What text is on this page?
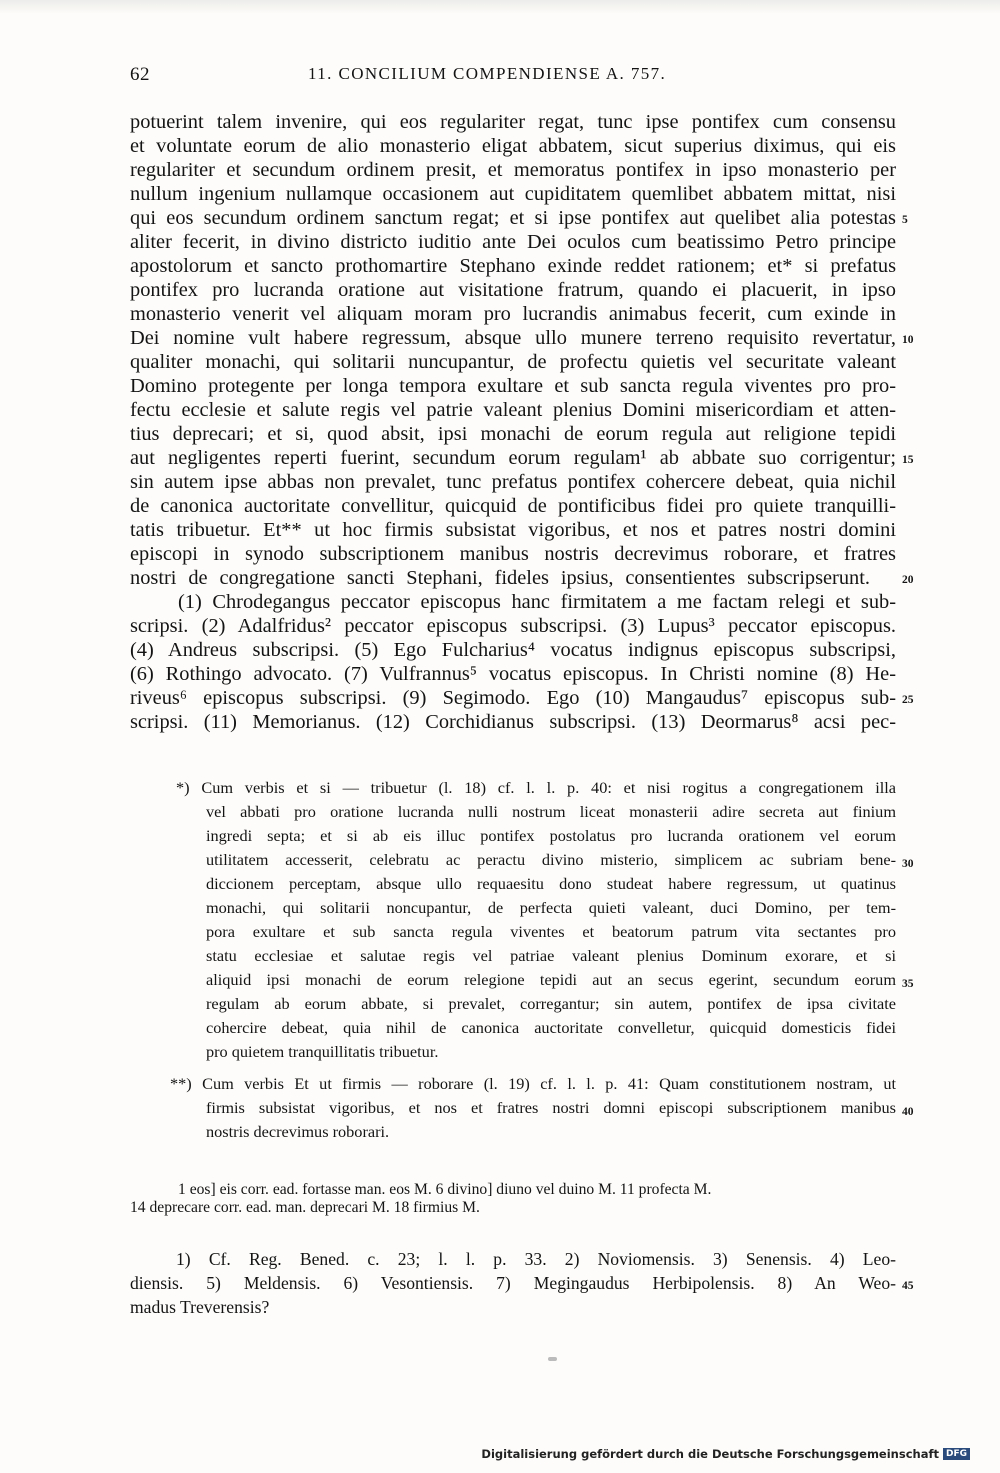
62	11. CONCILIUM COMPENDIENSE A. 757.
potuerint talem invenire, qui eos regulariter regat, tunc ipse pontifex cum consensu
et voluntate eorum de alio monasterio eligat abbatem, sicut superius diximus, qui eis
regulariter et secundum ordinem presit, et memoratus pontifex in ipso monasterio per
nullum ingenium nullamque occasionem aut cupiditatem quemlibet abbatem mittat, nisi
qui eos secundum ordinem sanctum regat; et si ipse pontifex aut quelibet alia potestas
aliter fecerit, in divino districto iuditio ante Dei oculos cum beatissimo Petro principe
apostolorum et sancto prothomartire Stephano exinde reddet rationem; et* si prefatus
pontifex pro lucranda oratione aut visitatione fratrum, quando ei placuerit, in ipso
monasterio venerit vel aliquam moram pro lucrandis animabus fecerit, cum exinde in
Dei nomine vult habere regressum, absque ullo munere terreno requisito revertatur,
qualiter monachi, qui solitarii nuncupantur, de profectu quietis vel securitate valeant
Domino protegente per longa tempora exultare et sub sancta regula viventes pro pro-
fectu ecclesie et salute regis vel patrie valeant plenius Domini misericordiam et atten-
tius deprecari; et si, quod absit, ipsi monachi de eorum regula aut religione tepidi
aut negligentes reperti fuerint, secundum eorum regulam¹ ab abbate suo corrigentur;
sin autem ipse abbas non prevalet, tunc prefatus pontifex cohercere debeat, quia nichil
de canonica auctoritate convellitur, quicquid de pontificibus fidei pro quiete tranquilli-
tatis tribuetur. Et** ut hoc firmis subsistat vigoribus, et nos et patres nostri domini
episcopi in synodo subscriptionem manibus nostris decrevimus roborare, et fratres
nostri de congregatione sancti Stephani, fideles ipsius, consentientes subscripserunt.
(1) Chrodegangus peccator episcopus hanc firmitatem a me factam relegi et sub-
scripsi. (2) Adalfridus² peccator episcopus subscripsi. (3) Lupus³ peccator episcopus.
(4) Andreus subscripsi. (5) Ego Fulcharius⁴ vocatus indignus episcopus subscripsi,
(6) Rothingo advocato. (7) Vulfrannus⁵ vocatus episcopus. In Christi nomine (8) He-
riveus⁶ episcopus subscripsi. (9) Segimodo. Ego (10) Mangaudus⁷ episcopus sub-
scripsi. (11) Memorianus. (12) Corchidianus subscripsi. (13) Deormarus⁸ acsi pec-
5
10
15
20
25
*) Cum verbis et si — tribuetur (l. 18) cf. l. l. p. 40: et nisi rogitus a congregationem illa
vel abbati pro oratione lucranda nulli nostrum liceat monasterii adire secreta aut finium
ingredi septa; et si ab eis illuc pontifex postolatus pro lucranda orationem vel eorum
utilitatem accesserit, celebratu ac peractu divino misterio, simplicem ac subriam bene-
diccionem perceptam, absque ullo requaesitu dono studeat habere regressum, ut quatinus
monachi, qui solitarii noncupantur, de perfecta quieti valeant, duci Domino, per tem-
pora exultare et sub sancta regula viventes et beatorum patrum vita sectantes pro
statu ecclesiae et salutae regis vel patriae valeant plenius Dominum exorare, et si
aliquid ipsi monachi de eorum relegione tepidi aut an secus egerint, secundum eorum
regulam ab eorum abbate, si prevalet, corregantur; sin autem, pontifex de ipsa civitate
cohercire debeat, quia nihil de canonica auctoritate convelletur, quicquid domesticis fidei
pro quietem tranquillitatis tribuetur.
**) Cum verbis Et ut firmis — roborare (l. 19) cf. l. l. p. 41: Quam constitutionem nostram, ut
firmis subsistat vigoribus, et nos et fratres nostri domni episcopi subscriptionem manibus
nostris decrevimus roborari.
30
35
40
1 eos] eis corr. ead. fortasse man. eos M. 6 divino] diuno vel duino M. 11 profecta M.
14 deprecare corr. ead. man. deprecari M. 18 firmius M.
1) Cf. Reg. Bened. c. 23; l. l. p. 33. 2) Noviomensis. 3) Senensis. 4) Leo-
diensis. 5) Meldensis. 6) Vesontiensis. 7) Megingaudus Herbipolensis. 8) An Weo-
madus Treverensis?
45
Digitalisierung gefördert durch die Deutsche Forschungsgemeinschaft DFG
